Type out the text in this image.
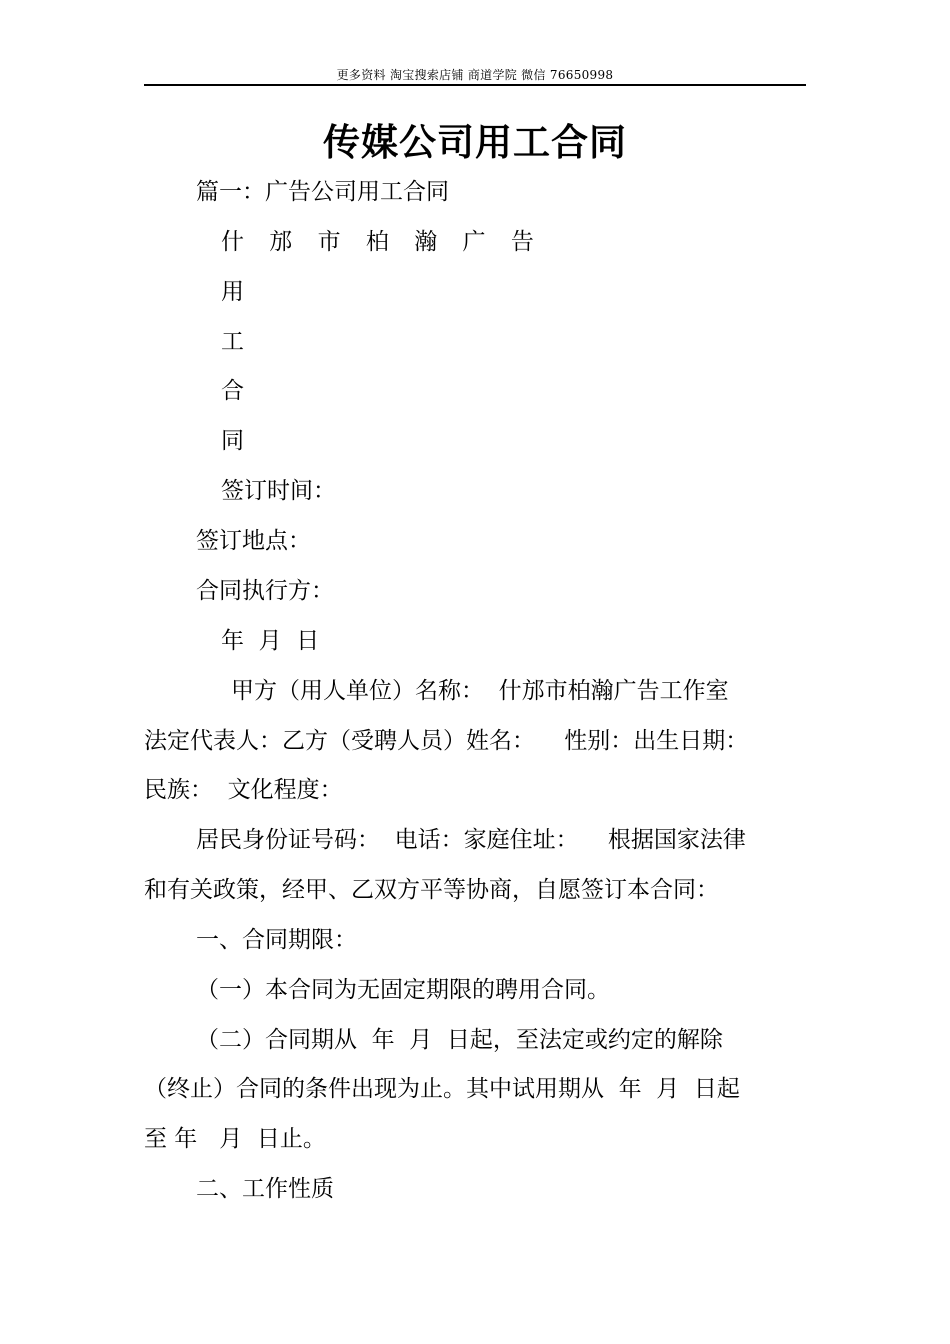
更多资料 淘宝搜索店铺 商道学院 微信 76650998
传媒公司用工合同
篇一：广告公司用工合同
什 邡 市 柏 瀚 广 告
用
工
合
同
签订时间：
签订地点：
合同执行方：
年  月  日
甲方（用人单位）名称：  什邡市柏瀚广告工作室
法定代表人：乙方（受聘人员）姓名：    性别：出生日期：
民族：  文化程度：
居民身份证号码：  电话：家庭住址：    根据国家法律
和有关政策，经甲、乙双方平等协商，自愿签订本合同：
一、合同期限：
（一）本合同为无固定期限的聘用合同。
（二）合同期从  年  月  日起，至法定或约定的解除
（终止）合同的条件出现为止。其中试用期从  年  月  日起
至 年   月  日止。
二、工作性质
